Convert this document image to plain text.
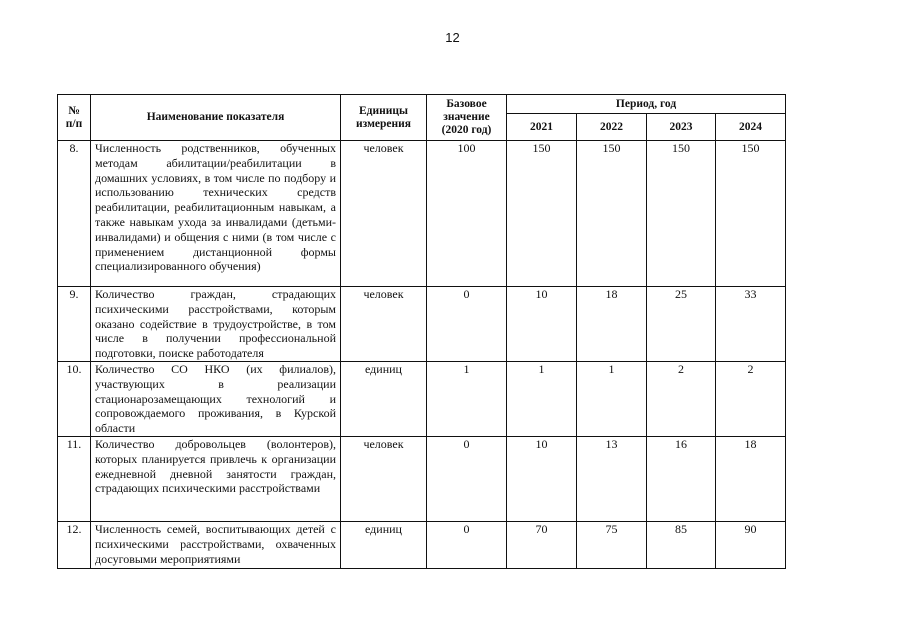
12
№ п/п	Наименование показателя	Единицы измерения	Базовое значение (2020 год)	Период, год			
				2021	2022	2023	2024
8.	Численность родственников, обученных методам абилитации/реабилитации в домашних условиях, в том числе по подбору и использованию технических средств реабилитации, реабилитационным навыкам, а также навыкам ухода за инвалидами (детьми-инвалидами) и общения с ними (в том числе с применением дистанционной формы специализированного обучения)	человек	100	150	150	150	150
9.	Количество граждан, страдающих психическими расстройствами, которым оказано содействие в трудоустройстве, в том числе в получении профессиональной подготовки, поиске работодателя	человек	0	10	18	25	33
10.	Количество СО НКО (их филиалов), участвующих в реализации стационарозамещающих технологий и сопровождаемого проживания, в Курской области	единиц	1	1	1	2	2
11.	Количество добровольцев (волонтеров), которых планируется привлечь к организации ежедневной дневной занятости граждан, страдающих психическими расстройствами	человек	0	10	13	16	18
12.	Численность семей, воспитывающих детей с психическими расстройствами, охваченных досуговыми мероприятиями	единиц	0	70	75	85	90
